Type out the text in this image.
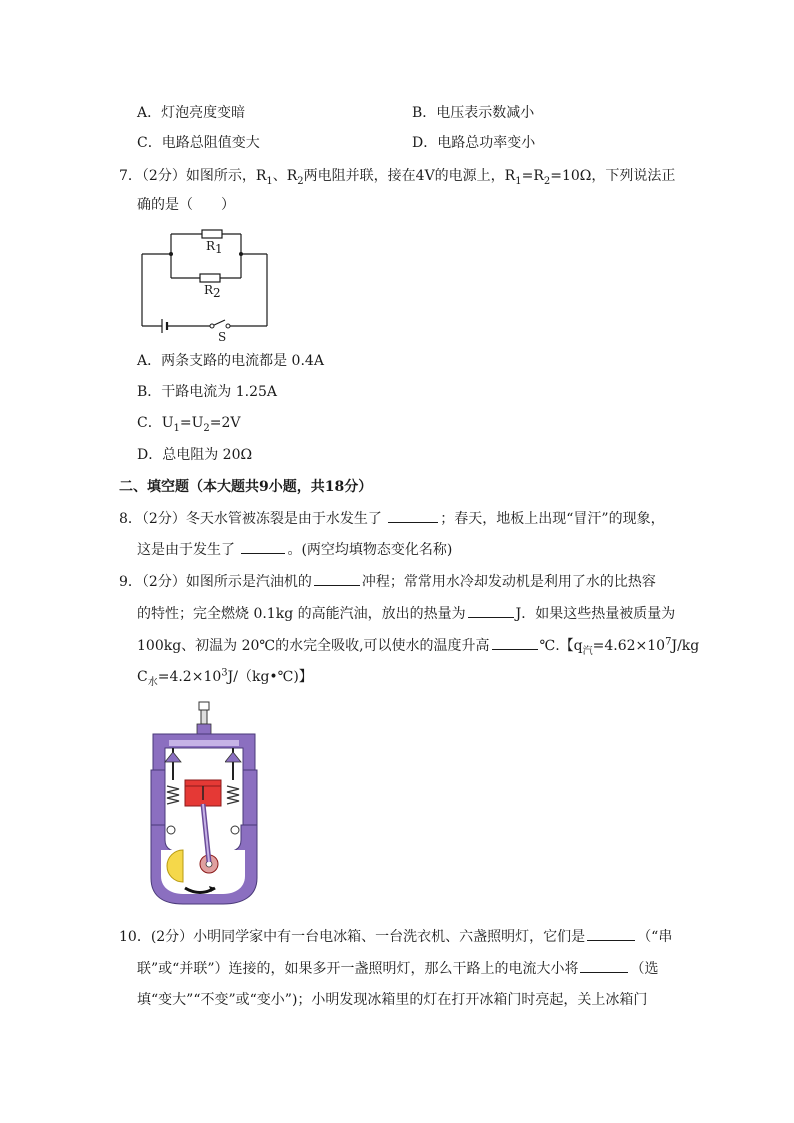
A．灯泡亮度变暗	B．电压表示数减小
C．电路总阻值变大	D．电路总功率变小
7．（2分）如图所示，$R_1$、$R_2$两电阻并联，接在4V的电源上，$R_1=R_2=10\Omega$，下列说法正
确的是（　　）
R 1
R 2
S
A．两条支路的电流都是 0.4A
B．干路电流为 1.25A
C．$U_1=U_2=2V$
D．总电阻为 20Ω
二、填空题（本大题共9小题，共18分）
8．（2分）冬天水管被冻裂是由于水发生了	；春天，地板上出现“冒汗”的现象，
这是由于发生了	。(两空均填物态变化名称)
9．（2分）如图所示是汽油机的	冲程；常常用水冷却发动机是利用了水的比热容
的特性；完全燃烧 0.1kg 的高能汽油，放出的热量为	J．如果这些热量被质量为
100kg、初温为 20℃的水完全吸收,可以使水的温度升高	℃.【$q_汽=4.62\times 10^7J/kg$
$C_水=4.2\times 10^3J/(kg•℃)$】
10．(2分）小明同学家中有一台电冰箱、一台洗衣机、六盏照明灯，它们是	（“串
联”或“并联”）连接的，如果多开一盏照明灯，那么干路上的电流大小将	（选
填“变大”“不变”或“变小”)；小明发现冰箱里的灯在打开冰箱门时亮起，关上冰箱门
